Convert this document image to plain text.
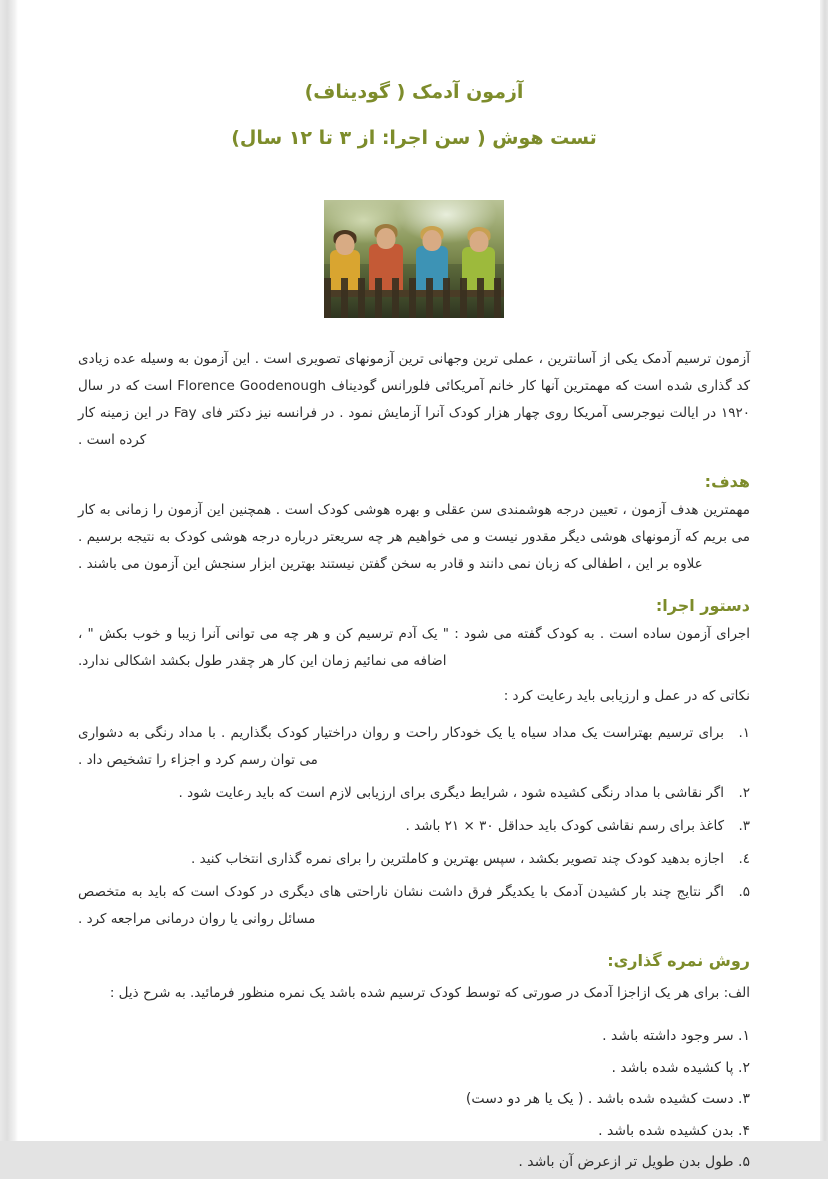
آزمون آدمک ( گودیناف)
تست هوش ( سن اجرا: از ۳ تا ۱۲ سال)

آزمون ترسیم آدمک یکی از آسانترین ، عملی ترین وجهانی ترین آزمونهای تصویری است . این آزمون به وسیله عده زیادی کد گذاری شده است که مهمترین آنها کار خانم آمریکائی فلورانس گودیناف Florence Goodenough است که در سال ۱۹۲۰ در ایالت نیوجرسی آمریکا روی چهار هزار کودک آنرا آزمایش نمود . در فرانسه نیز دکتر فای Fay در این زمینه کار کرده است .

هدف:

مهمترین هدف آزمون ، تعیین درجه هوشمندی سن عقلی و بهره هوشی کودک است . همچنین این آزمون را زمانی به کار می بریم که آزمونهای هوشی دیگر مقدور نیست و می خواهیم هر چه سریعتر درباره درجه هوشی کودک به نتیجه برسیم . علاوه بر این ، اطفالی که زبان نمی دانند و قادر به سخن گفتن نیستند بهترین ابزار سنجش این آزمون می باشند .

دستور اجرا:

اجرای آزمون ساده است . به کودک گفته می شود : " یک آدم ترسیم کن و هر چه می توانی آنرا زیبا و خوب بکش " ، اضافه می نمائیم زمان این کار هر چقدر طول بکشد اشکالی ندارد.

نکاتی که در عمل و ارزیابی باید رعایت کرد :

۱.
برای ترسیم بهتراست یک مداد سیاه یا یک خودکار راحت و روان دراختیار کودک بگذاریم . با مداد رنگی به دشواری می توان رسم کرد و اجزاء را تشخیص داد .
۲.
اگر نقاشی با مداد رنگی کشیده شود ، شرایط دیگری برای ارزیابی لازم است که باید رعایت شود .
۳.
کاغذ برای رسم نقاشی کودک باید حداقل ۳۰ × ۲۱ باشد .
٤.
اجازه بدهید کودک چند تصویر بکشد ، سپس بهترین و کاملترین را برای نمره گذاری انتخاب کنید .
۵.
اگر نتایج چند بار کشیدن آدمک با یکدیگر فرق داشت نشان ناراحتی های دیگری در کودک است که باید به متخصص مسائل روانی یا روان درمانی مراجعه کرد .
روش نمره گذاری:

الف: برای هر یک ازاجزا آدمک در صورتی که توسط کودک ترسیم شده باشد یک نمره منظور فرمائید. به شرح ذیل :

۱. سر وجود داشته باشد .
۲. پا کشیده شده باشد .
۳. دست کشیده شده باشد . ( یک یا هر دو دست)
۴. بدن کشیده شده باشد .
۵. طول بدن طویل تر ازعرض آن باشد .
